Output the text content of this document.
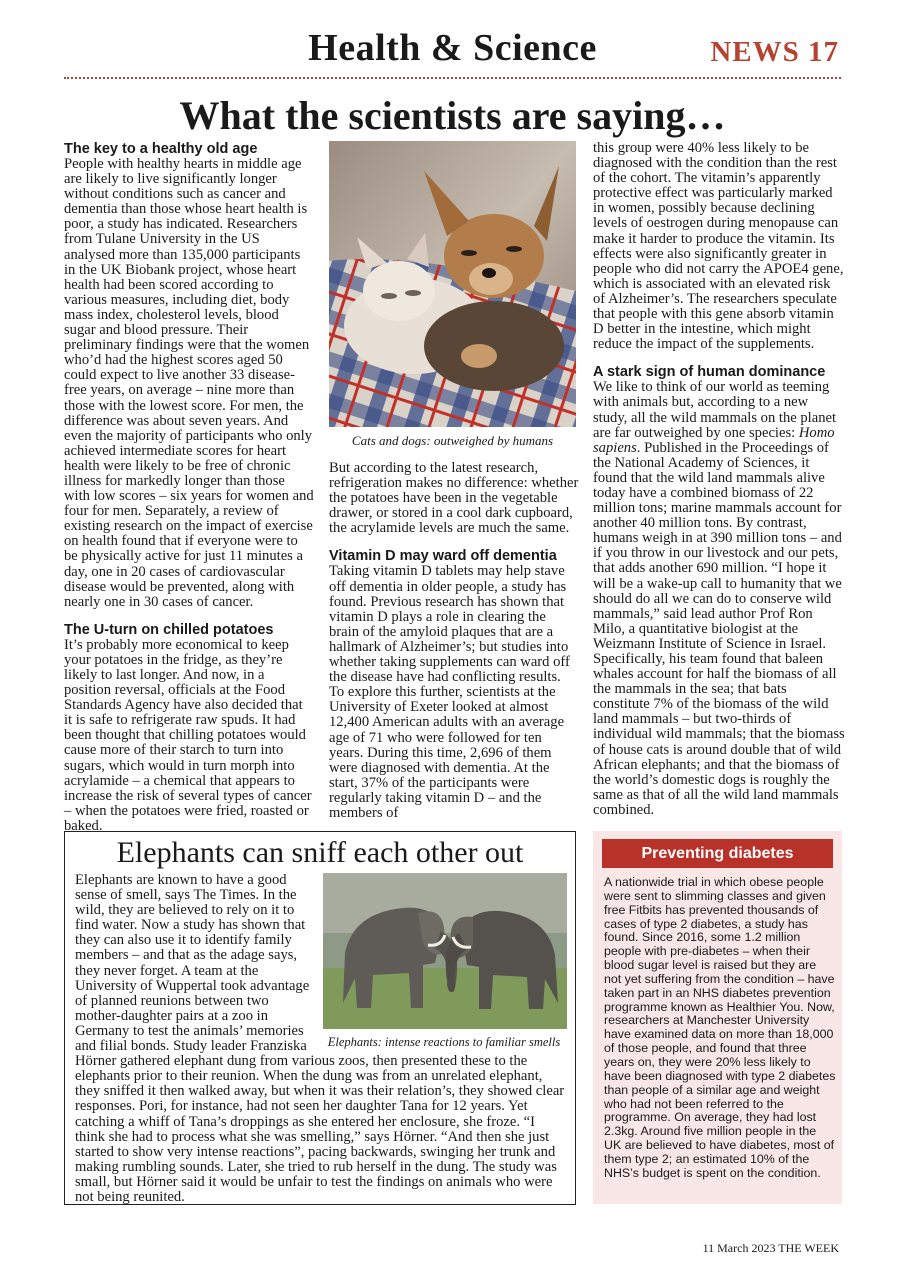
Health & Science	NEWS 17
What the scientists are saying…
The key to a healthy old age
People with healthy hearts in middle age are likely to live significantly longer without conditions such as cancer and dementia than those whose heart health is poor, a study has indicated. Researchers from Tulane University in the US analysed more than 135,000 participants in the UK Biobank project, whose heart health had been scored according to various measures, including diet, body mass index, cholesterol levels, blood sugar and blood pressure. Their preliminary findings were that the women who’d had the highest scores aged 50 could expect to live another 33 disease-free years, on average – nine more than those with the lowest score. For men, the difference was about seven years. And even the majority of participants who only achieved intermediate scores for heart health were likely to be free of chronic illness for markedly longer than those with low scores – six years for women and four for men. Separately, a review of existing research on the impact of exercise on health found that if everyone were to be physically active for just 11 minutes a day, one in 20 cases of cardiovascular disease would be prevented, along with nearly one in 30 cases of cancer.
The U-turn on chilled potatoes
It’s probably more economical to keep your potatoes in the fridge, as they’re likely to last longer. And now, in a position reversal, officials at the Food Standards Agency have also decided that it is safe to refrigerate raw spuds. It had been thought that chilling potatoes would cause more of their starch to turn into sugars, which would in turn morph into acrylamide – a chemical that appears to increase the risk of several types of cancer – when the potatoes were fried, roasted or baked.
Cats and dogs: outweighed by humans
But according to the latest research, refrigeration makes no difference: whether the potatoes have been in the vegetable drawer, or stored in a cool dark cupboard, the acrylamide levels are much the same.
Vitamin D may ward off dementia
Taking vitamin D tablets may help stave off dementia in older people, a study has found. Previous research has shown that vitamin D plays a role in clearing the brain of the amyloid plaques that are a hallmark of Alzheimer’s; but studies into whether taking supplements can ward off the disease have had conflicting results. To explore this further, scientists at the University of Exeter looked at almost 12,400 American adults with an average age of 71 who were followed for ten years. During this time, 2,696 of them were diagnosed with dementia. At the start, 37% of the participants were regularly taking vitamin D – and the members of
this group were 40% less likely to be diagnosed with the condition than the rest of the cohort. The vitamin’s apparently protective effect was particularly marked in women, possibly because declining levels of oestrogen during menopause can make it harder to produce the vitamin. Its effects were also significantly greater in people who did not carry the APOE4 gene, which is associated with an elevated risk of Alzheimer’s. The researchers speculate that people with this gene absorb vitamin D better in the intestine, which might reduce the impact of the supplements.
A stark sign of human dominance
We like to think of our world as teeming with animals but, according to a new study, all the wild mammals on the planet are far outweighed by one species: Homo sapiens. Published in the Proceedings of the National Academy of Sciences, it found that the wild land mammals alive today have a combined biomass of 22 million tons; marine mammals account for another 40 million tons. By contrast, humans weigh in at 390 million tons – and if you throw in our livestock and our pets, that adds another 690 million. “I hope it will be a wake-up call to humanity that we should do all we can do to conserve wild mammals,” said lead author Prof Ron Milo, a quantitative biologist at the Weizmann Institute of Science in Israel. Specifically, his team found that baleen whales account for half the biomass of all the mammals in the sea; that bats constitute 7% of the biomass of the wild land mammals – but two-thirds of individual wild mammals; that the biomass of house cats is around double that of wild African elephants; and that the biomass of the world’s domestic dogs is roughly the same as that of all the wild land mammals combined.
Elephants can sniff each other out
Elephants: intense reactions to familiar smells
Elephants are known to have a good sense of smell, says The Times. In the wild, they are believed to rely on it to find water. Now a study has shown that they can also use it to identify family members – and that as the adage says, they never forget. A team at the University of Wuppertal took advantage of planned reunions between two mother-daughter pairs at a zoo in Germany to test the animals’ memories and filial bonds. Study leader Franziska Hörner gathered elephant dung from various zoos, then presented these to the elephants prior to their reunion. When the dung was from an unrelated elephant, they sniffed it then walked away, but when it was their relation’s, they showed clear responses. Pori, for instance, had not seen her daughter Tana for 12 years. Yet catching a whiff of Tana’s droppings as she entered her enclosure, she froze. “I think she had to process what she was smelling,” says Hörner. “And then she just started to show very intense reactions”, pacing backwards, swinging her trunk and making rumbling sounds. Later, she tried to rub herself in the dung. The study was small, but Hörner said it would be unfair to test the findings on animals who were not being reunited.
Preventing diabetes
A nationwide trial in which obese people were sent to slimming classes and given free Fitbits has prevented thousands of cases of type 2 diabetes, a study has found. Since 2016, some 1.2 million people with pre-diabetes – when their blood sugar level is raised but they are not yet suffering from the condition – have taken part in an NHS diabetes prevention programme known as Healthier You. Now, researchers at Manchester University have examined data on more than 18,000 of those people, and found that three years on, they were 20% less likely to have been diagnosed with type 2 diabetes than people of a similar age and weight who had not been referred to the programme. On average, they had lost 2.3kg. Around five million people in the UK are believed to have diabetes, most of them type 2; an estimated 10% of the NHS’s budget is spent on the condition.
11 March 2023 THE WEEK
